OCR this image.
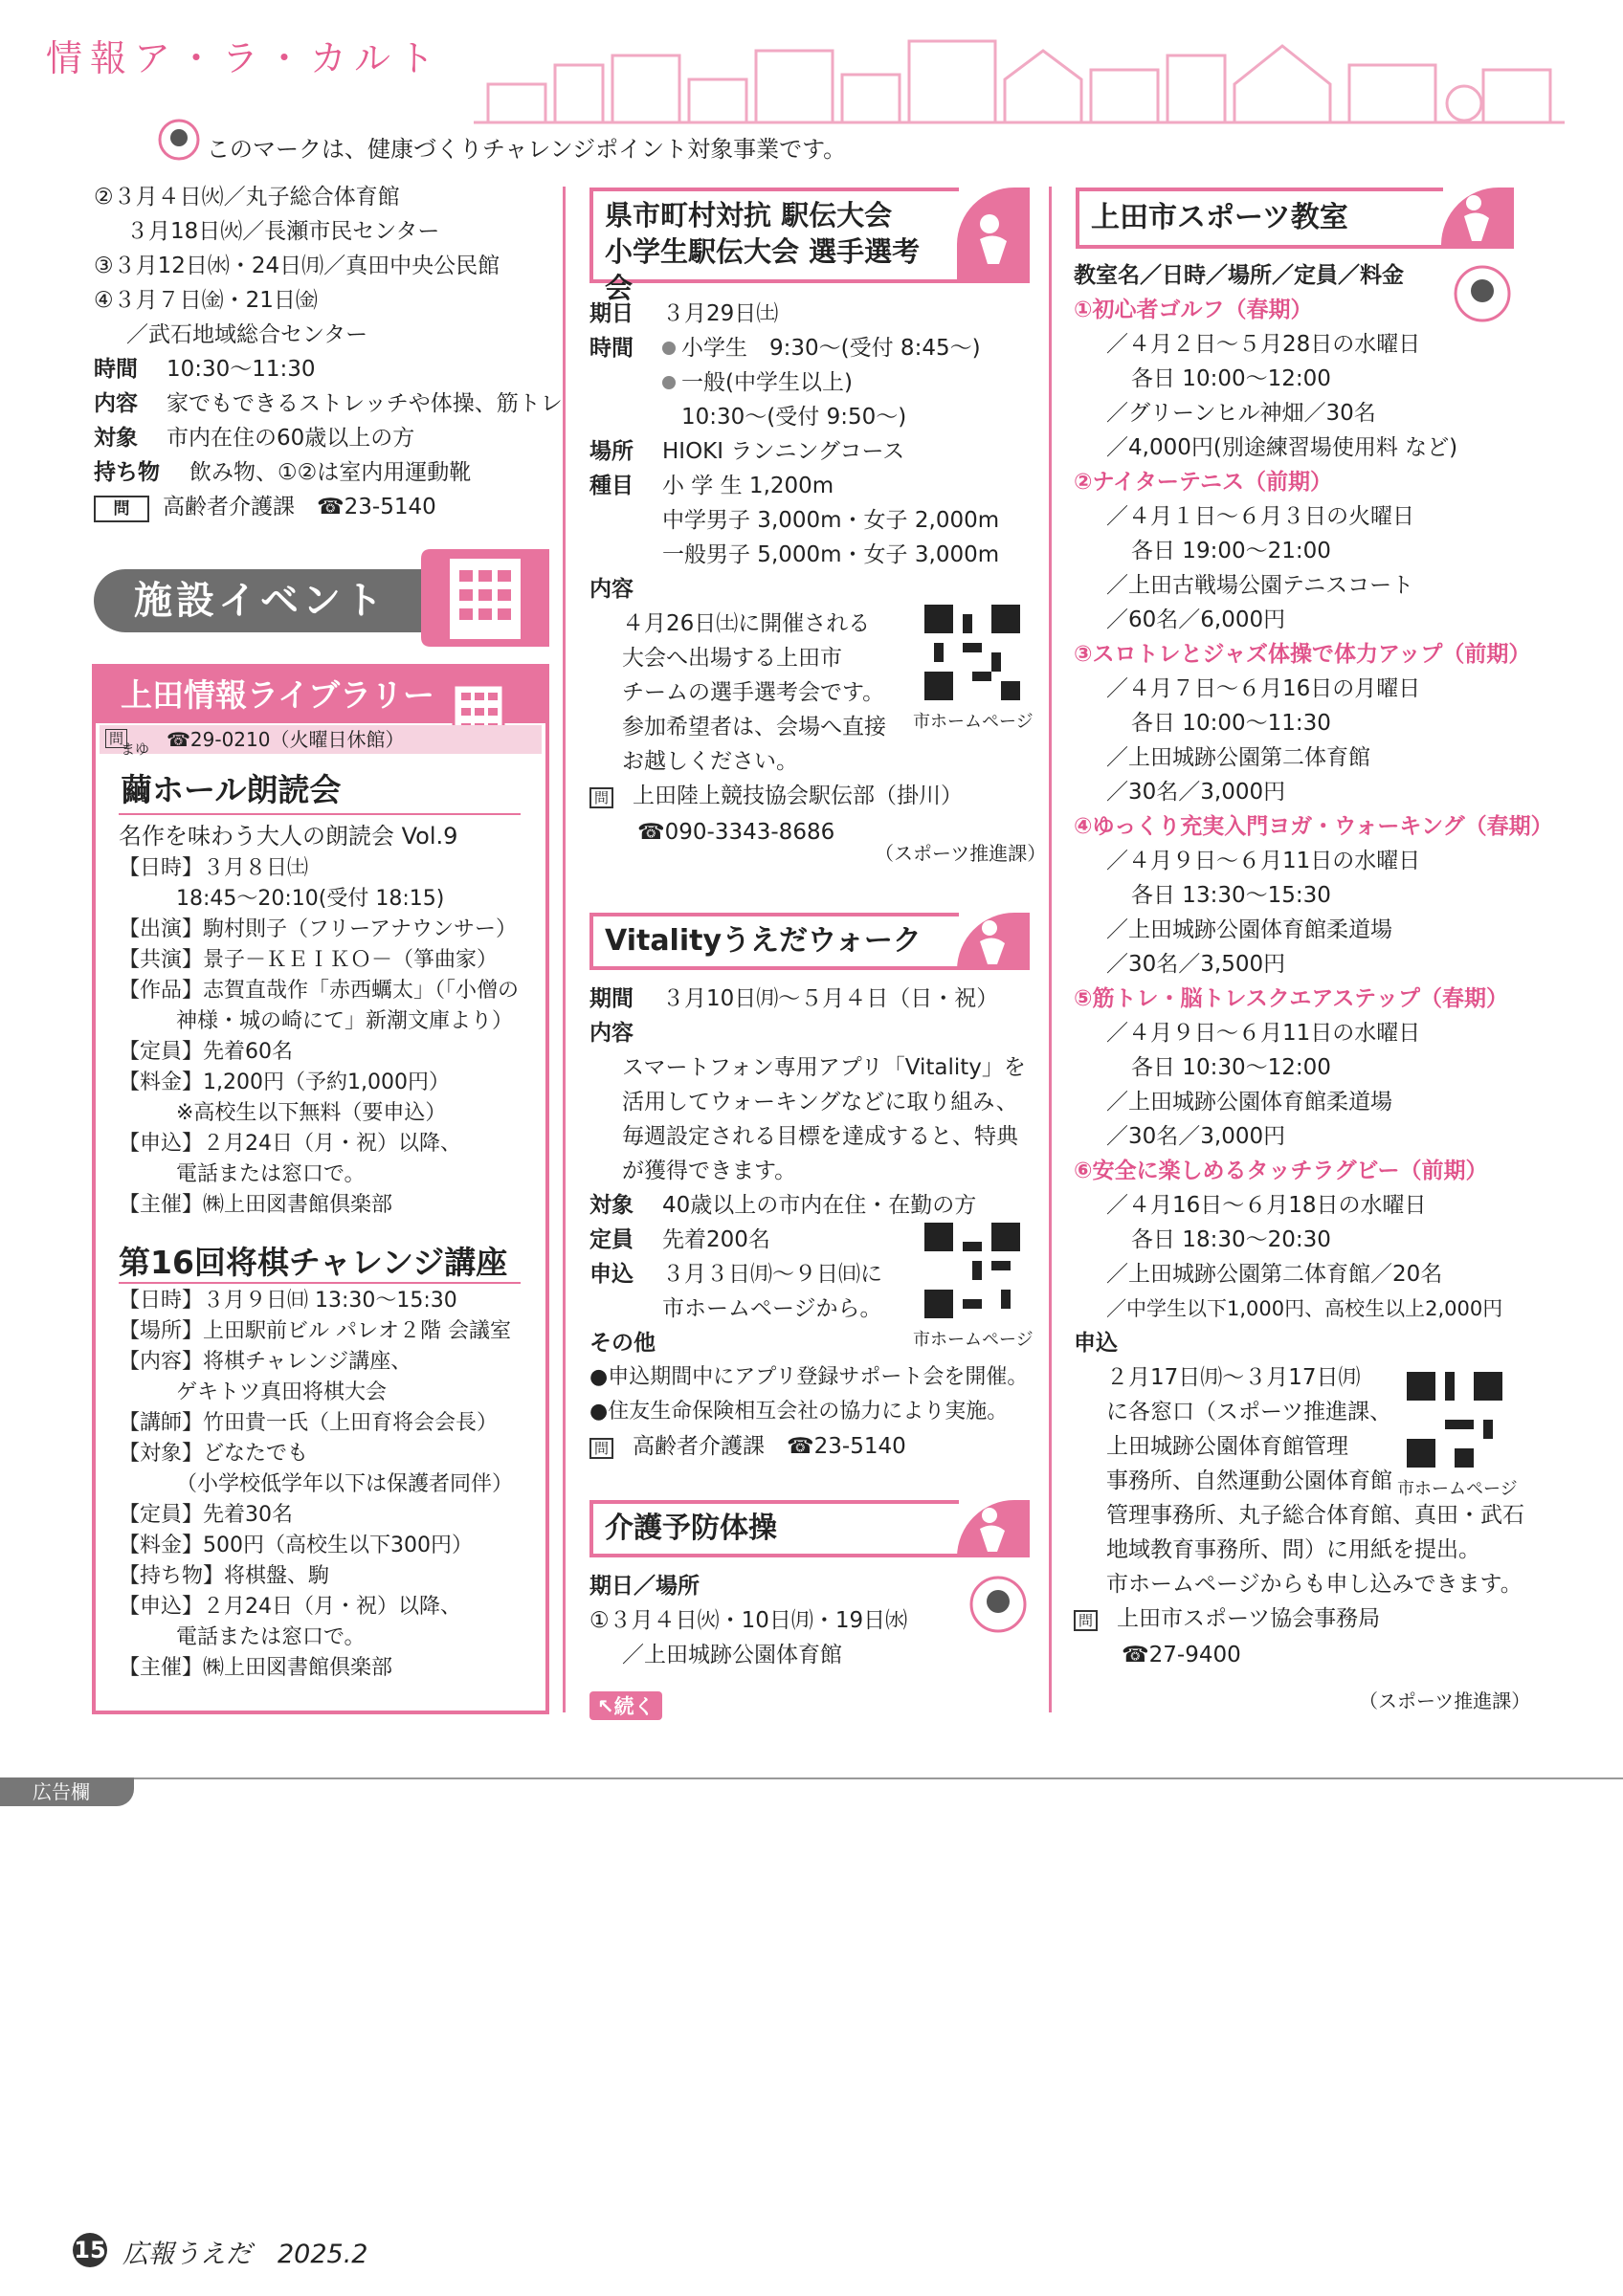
情報ア・ラ・カルト
このマークは、健康づくりチャレンジポイント対象事業です。
②３月４日㈫／丸子総合体育館
３月18日㈫／長瀬市民センター
③３月12日㈬・24日㈪／真田中央公民館
④３月７日㈮・21日㈮
／武石地域総合センター
時間 10:30～11:30
内容 家でもできるストレッチや体操、筋トレ
対象 市内在住の60歳以上の方
持ち物 飲み物、①②は室内用運動靴
問 高齢者介護課　☎23-5140
施設イベント
上田情報ライブラリー
☎29-0210（火曜日休館）
問
まゆ
繭ホール朗読会
名作を味わう大人の朗読会 Vol.9
【日時】３月８日㈯
18:45～20:10(受付 18:15)
【出演】駒村則子（フリーアナウンサー）
【共演】景子－ＫＥＩＫＯ－（箏曲家）
【作品】志賀直哉作「赤西蠣太」（「小僧の
神様・城の崎にて」新潮文庫より）
【定員】先着60名
【料金】1,200円（予約1,000円）
※高校生以下無料（要申込）
【申込】２月24日（月・祝）以降、
電話または窓口で。
【主催】㈱上田図書館倶楽部
第16回将棋チャレンジ講座
【日時】３月９日㈰ 13:30～15:30
【場所】上田駅前ビル パレオ２階 会議室
【内容】将棋チャレンジ講座、
ゲキトツ真田将棋大会
【講師】竹田貴一氏（上田育将会会長）
【対象】どなたでも
（小学校低学年以下は保護者同伴）
【定員】先着30名
【料金】500円（高校生以下300円）
【持ち物】将棋盤、駒
【申込】２月24日（月・祝）以降、
電話または窓口で。
【主催】㈱上田図書館倶楽部
県市町村対抗 駅伝大会
小学生駅伝大会 選手選考会
期日 ３月29日㈯
時間 小学生　9:30～(受付 8:45～)
一般(中学生以上)
10:30～(受付 9:50～)
場所 HIOKI ランニングコース
種目 小 学 生 1,200m
中学男子 3,000m・女子 2,000m
一般男子 5,000m・女子 3,000m
内容
４月26日㈯に開催される
大会へ出場する上田市
チームの選手選考会です。
参加希望者は、会場へ直接
お越しください。
問 上田陸上競技協会駅伝部（掛川）
☎090-3343-8686
市ホームページ
（スポーツ推進課）
Vitalityうえだウォーク
期間 ３月10日㈪～５月４日（日・祝）
内容
スマートフォン専用アプリ「Vitality」を
活用してウォーキングなどに取り組み、
毎週設定される目標を達成すると、特典
が獲得できます。
対象 40歳以上の市内在住・在勤の方
定員 先着200名
申込 ３月３日㈪～９日㈰に
市ホームページから。
その他
●申込期間中にアプリ登録サポート会を開催。
●住友生命保険相互会社の協力により実施。
問 高齢者介護課　☎23-5140
市ホームページ
介護予防体操
期日／場所
①３月４日㈫・10日㈪・19日㈬
／上田城跡公園体育館
↖続く
上田市スポーツ教室
教室名／日時／場所／定員／料金
①初心者ゴルフ（春期）
／４月２日～５月28日の水曜日
各日 10:00～12:00
／グリーンヒル神畑／30名
／4,000円(別途練習場使用料 など)
②ナイターテニス（前期）
／４月１日～６月３日の火曜日
各日 19:00～21:00
／上田古戦場公園テニスコート
／60名／6,000円
③スロトレとジャズ体操で体力アップ（前期）
／４月７日～６月16日の月曜日
各日 10:00～11:30
／上田城跡公園第二体育館
／30名／3,000円
④ゆっくり充実入門ヨガ・ウォーキング（春期）
／４月９日～６月11日の水曜日
各日 13:30～15:30
／上田城跡公園体育館柔道場
／30名／3,500円
⑤筋トレ・脳トレスクエアステップ（春期）
／４月９日～６月11日の水曜日
各日 10:30～12:00
／上田城跡公園体育館柔道場
／30名／3,000円
⑥安全に楽しめるタッチラグビー（前期）
／４月16日～６月18日の水曜日
各日 18:30～20:30
／上田城跡公園第二体育館／20名
／中学生以下1,000円、高校生以上2,000円
申込
２月17日㈪～３月17日㈪
に各窓口（スポーツ推進課、
上田城跡公園体育館管理
事務所、自然運動公園体育館
管理事務所、丸子総合体育館、真田・武石
地域教育事務所、問）に用紙を提出。
市ホームページからも申し込みできます。
問 上田市スポーツ協会事務局
☎27-9400
市ホームページ
（スポーツ推進課）
広告欄
15 広報うえだ　2025.2
